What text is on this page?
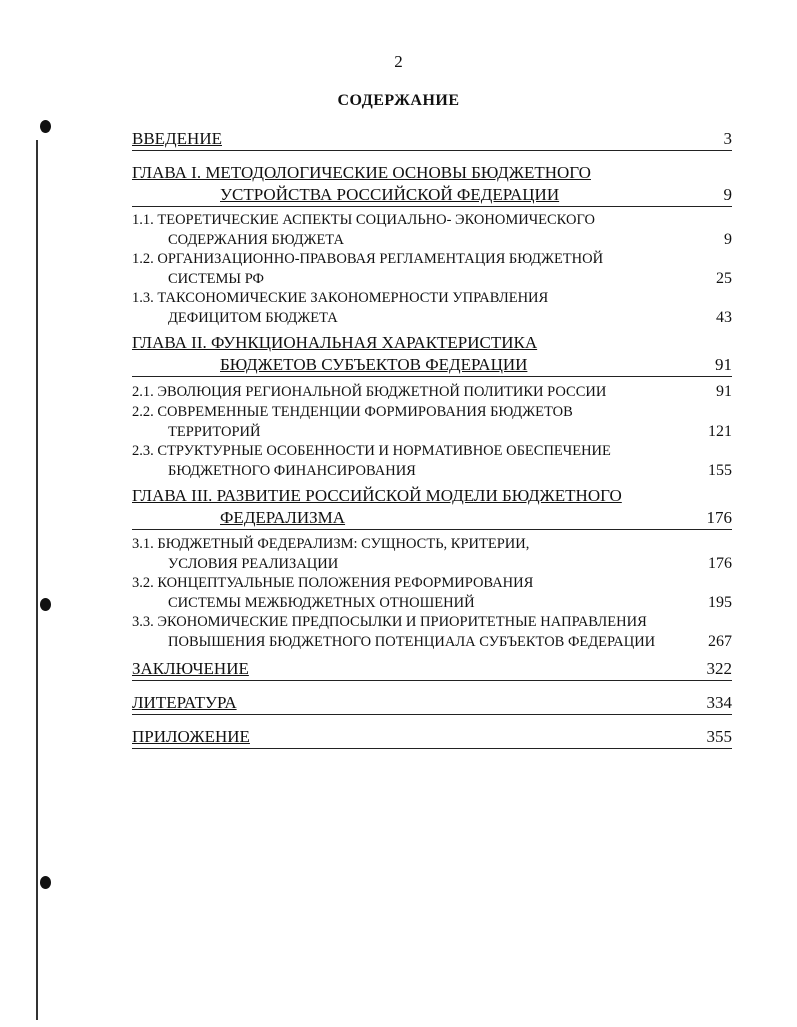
2
СОДЕРЖАНИЕ
ВВЕДЕНИЕ	3
ГЛАВА I. МЕТОДОЛОГИЧЕСКИЕ ОСНОВЫ БЮДЖЕТНОГО
УСТРОЙСТВА РОССИЙСКОЙ ФЕДЕРАЦИИ	9
1.1. ТЕОРЕТИЧЕСКИЕ АСПЕКТЫ СОЦИАЛЬНО- ЭКОНОМИЧЕСКОГО
СОДЕРЖАНИЯ БЮДЖЕТА	9
1.2. ОРГАНИЗАЦИОННО-ПРАВОВАЯ РЕГЛАМЕНТАЦИЯ БЮДЖЕТНОЙ
СИСТЕМЫ РФ	25
1.3. ТАКСОНОМИЧЕСКИЕ ЗАКОНОМЕРНОСТИ УПРАВЛЕНИЯ
ДЕФИЦИТОМ БЮДЖЕТА	43
ГЛАВА II. ФУНКЦИОНАЛЬНАЯ ХАРАКТЕРИСТИКА
БЮДЖЕТОВ СУБЪЕКТОВ ФЕДЕРАЦИИ	91
2.1. ЭВОЛЮЦИЯ РЕГИОНАЛЬНОЙ БЮДЖЕТНОЙ ПОЛИТИКИ РОССИИ	91
2.2. СОВРЕМЕННЫЕ ТЕНДЕНЦИИ ФОРМИРОВАНИЯ БЮДЖЕТОВ
ТЕРРИТОРИЙ	121
2.3. СТРУКТУРНЫЕ ОСОБЕННОСТИ И НОРМАТИВНОЕ ОБЕСПЕЧЕНИЕ
БЮДЖЕТНОГО ФИНАНСИРОВАНИЯ	155
ГЛАВА III. РАЗВИТИЕ РОССИЙСКОЙ МОДЕЛИ БЮДЖЕТНОГО
ФЕДЕРАЛИЗМА	176
3.1. БЮДЖЕТНЫЙ ФЕДЕРАЛИЗМ: СУЩНОСТЬ, КРИТЕРИИ,
УСЛОВИЯ РЕАЛИЗАЦИИ	176
3.2. КОНЦЕПТУАЛЬНЫЕ ПОЛОЖЕНИЯ РЕФОРМИРОВАНИЯ
СИСТЕМЫ МЕЖБЮДЖЕТНЫХ ОТНОШЕНИЙ	195
3.3. ЭКОНОМИЧЕСКИЕ ПРЕДПОСЫЛКИ И ПРИОРИТЕТНЫЕ НАПРАВЛЕНИЯ
ПОВЫШЕНИЯ БЮДЖЕТНОГО ПОТЕНЦИАЛА СУБЪЕКТОВ ФЕДЕРАЦИИ	267
ЗАКЛЮЧЕНИЕ	322
ЛИТЕРАТУРА	334
ПРИЛОЖЕНИЕ	355
